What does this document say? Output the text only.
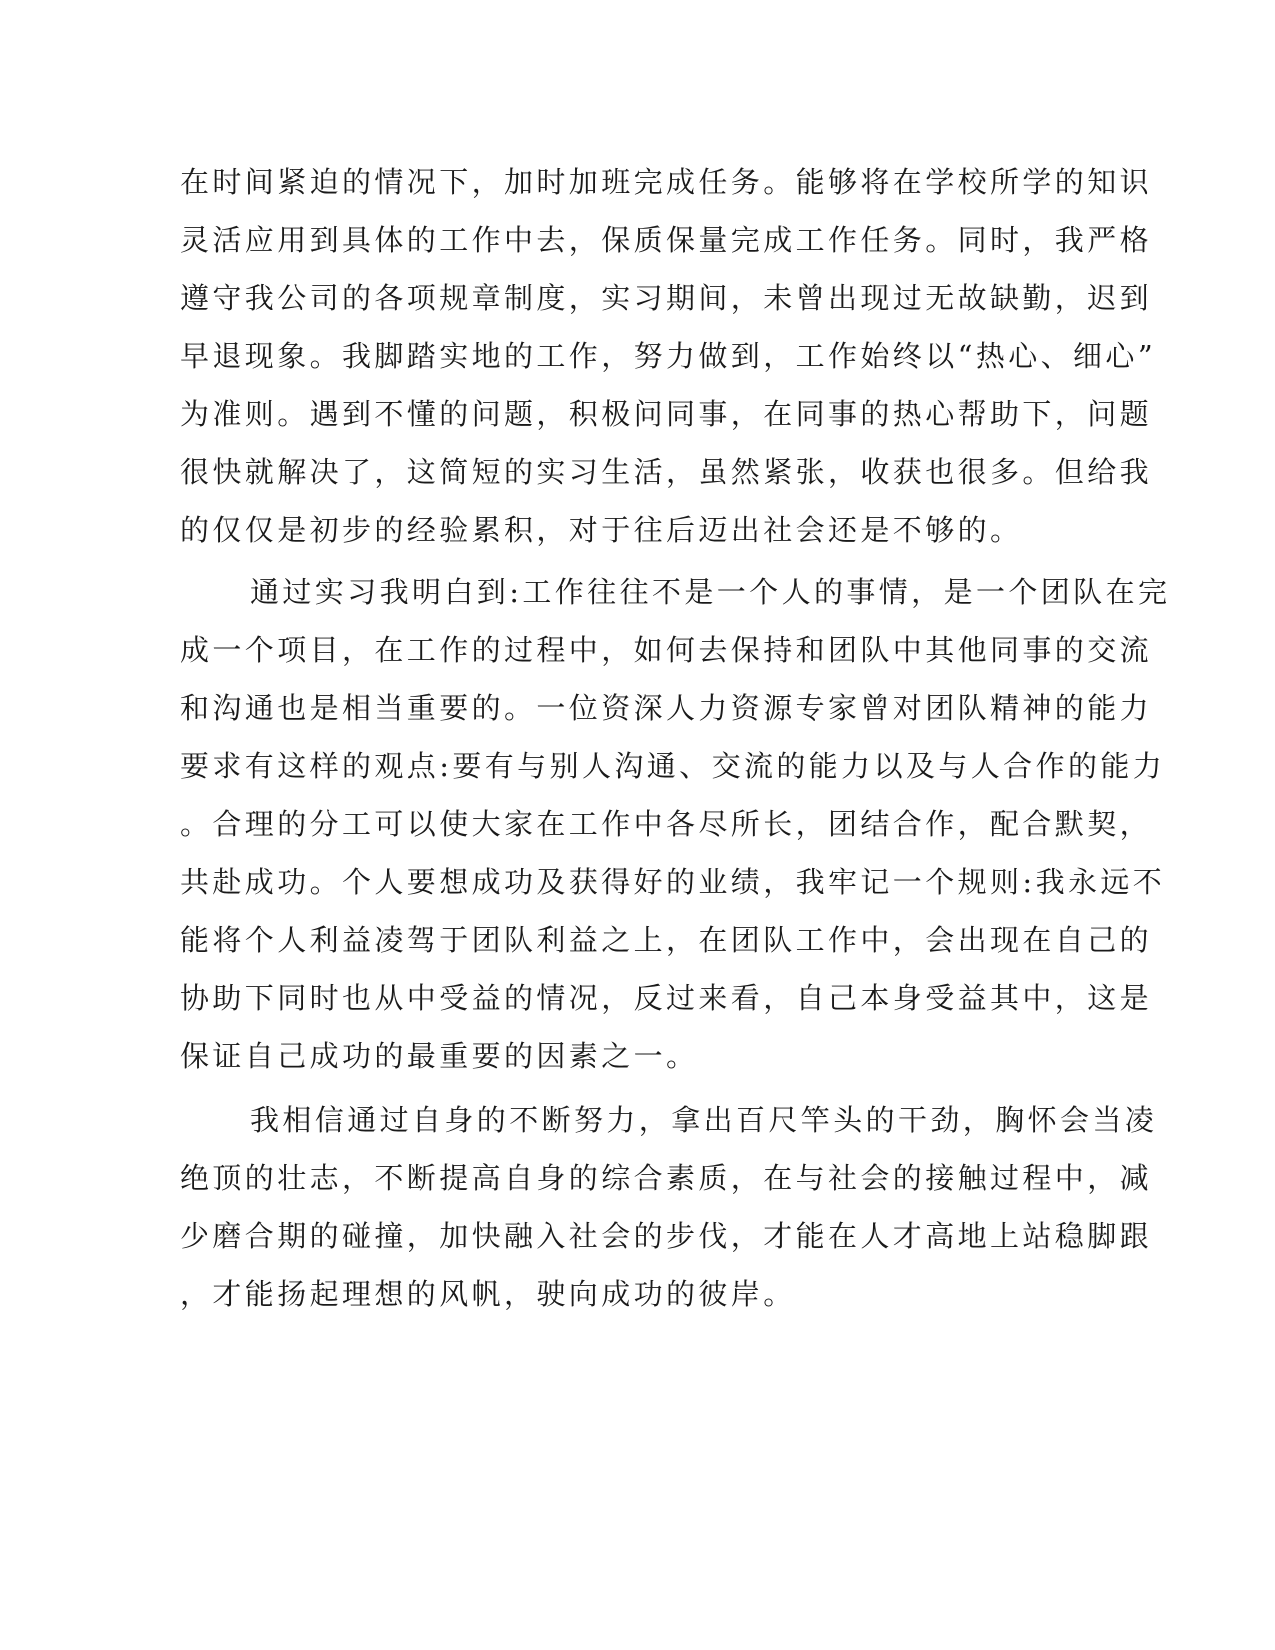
在时间紧迫的情况下，加时加班完成任务。能够将在学校所学的知识
灵活应用到具体的工作中去，保质保量完成工作任务。同时，我严格
遵守我公司的各项规章制度，实习期间，未曾出现过无故缺勤，迟到
早退现象。我脚踏实地的工作，努力做到，工作始终以“热心、细心”
为准则。遇到不懂的问题，积极问同事，在同事的热心帮助下，问题
很快就解决了，这简短的实习生活，虽然紧张，收获也很多。但给我
的仅仅是初步的经验累积，对于往后迈出社会还是不够的。
通过实习我明白到:工作往往不是一个人的事情，是一个团队在完
成一个项目，在工作的过程中，如何去保持和团队中其他同事的交流
和沟通也是相当重要的。一位资深人力资源专家曾对团队精神的能力
要求有这样的观点:要有与别人沟通、交流的能力以及与人合作的能力
。合理的分工可以使大家在工作中各尽所长，团结合作，配合默契，
共赴成功。个人要想成功及获得好的业绩，我牢记一个规则:我永远不
能将个人利益凌驾于团队利益之上，在团队工作中，会出现在自己的
协助下同时也从中受益的情况，反过来看，自己本身受益其中，这是
保证自己成功的最重要的因素之一。
我相信通过自身的不断努力，拿出百尺竿头的干劲，胸怀会当凌
绝顶的壮志，不断提高自身的综合素质，在与社会的接触过程中，减
少磨合期的碰撞，加快融入社会的步伐，才能在人才高地上站稳脚跟
，才能扬起理想的风帆，驶向成功的彼岸。
